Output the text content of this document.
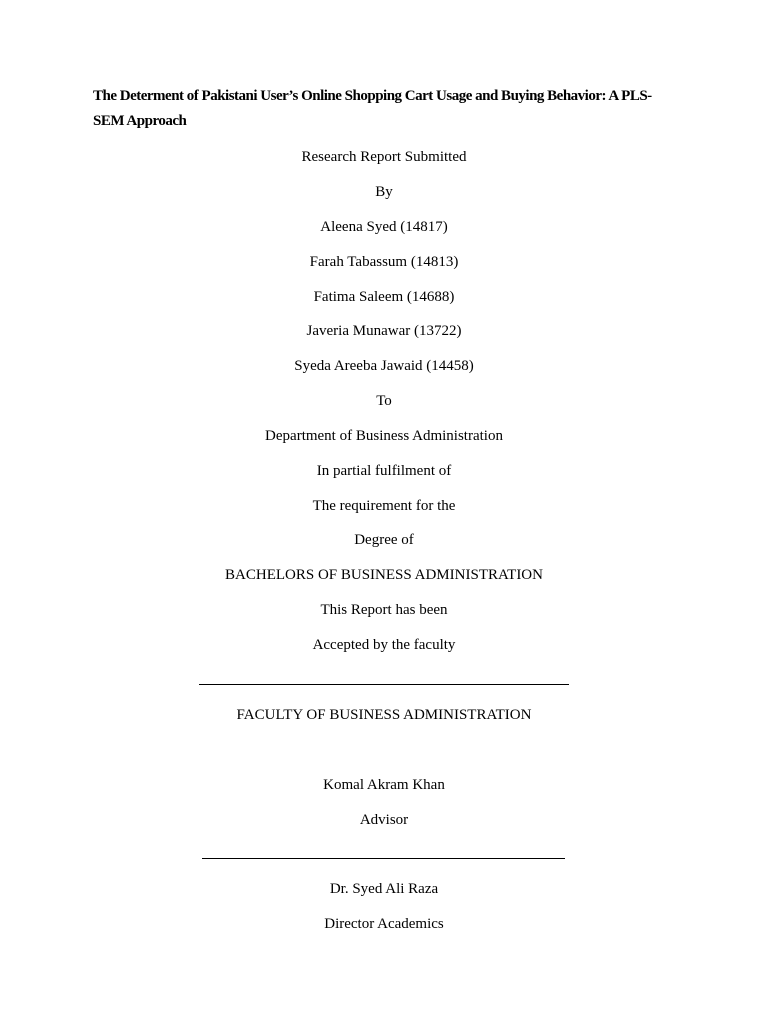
The Determent of Pakistani User’s Online Shopping Cart Usage and Buying Behavior: A PLS-SEM Approach
Research Report Submitted
By
Aleena Syed (14817)
Farah Tabassum (14813)
Fatima Saleem (14688)
Javeria Munawar (13722)
Syeda Areeba Jawaid (14458)
To
Department of Business Administration
In partial fulfilment of
The requirement for the
Degree of
BACHELORS OF BUSINESS ADMINISTRATION
This Report has been
Accepted by the faculty
FACULTY OF BUSINESS ADMINISTRATION
Komal Akram Khan
Advisor
Dr. Syed Ali Raza
Director Academics
